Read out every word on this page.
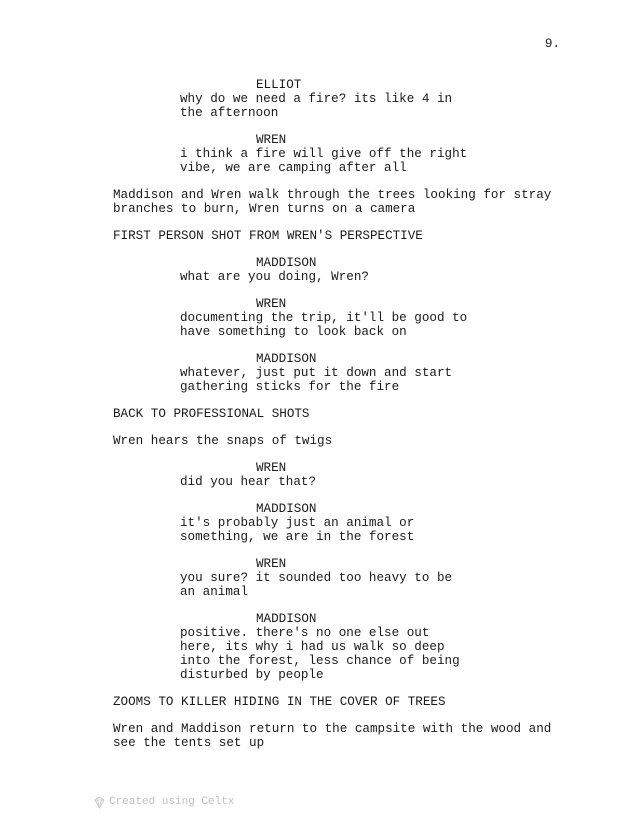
9.
ELLIOT
why do we need a fire? its like 4 in
the afternoon
WREN
i think a fire will give off the right
vibe, we are camping after all
Maddison and Wren walk through the trees looking for stray
branches to burn, Wren turns on a camera
FIRST PERSON SHOT FROM WREN'S PERSPECTIVE
MADDISON
what are you doing, Wren?
WREN
documenting the trip, it'll be good to
have something to look back on
MADDISON
whatever, just put it down and start
gathering sticks for the fire
BACK TO PROFESSIONAL SHOTS
Wren hears the snaps of twigs
WREN
did you hear that?
MADDISON
it's probably just an animal or
something, we are in the forest
WREN
you sure? it sounded too heavy to be
an animal
MADDISON
positive. there's no one else out
here, its why i had us walk so deep
into the forest, less chance of being
disturbed by people
ZOOMS TO KILLER HIDING IN THE COVER OF TREES
Wren and Maddison return to the campsite with the wood and
see the tents set up
Created using Celtx
